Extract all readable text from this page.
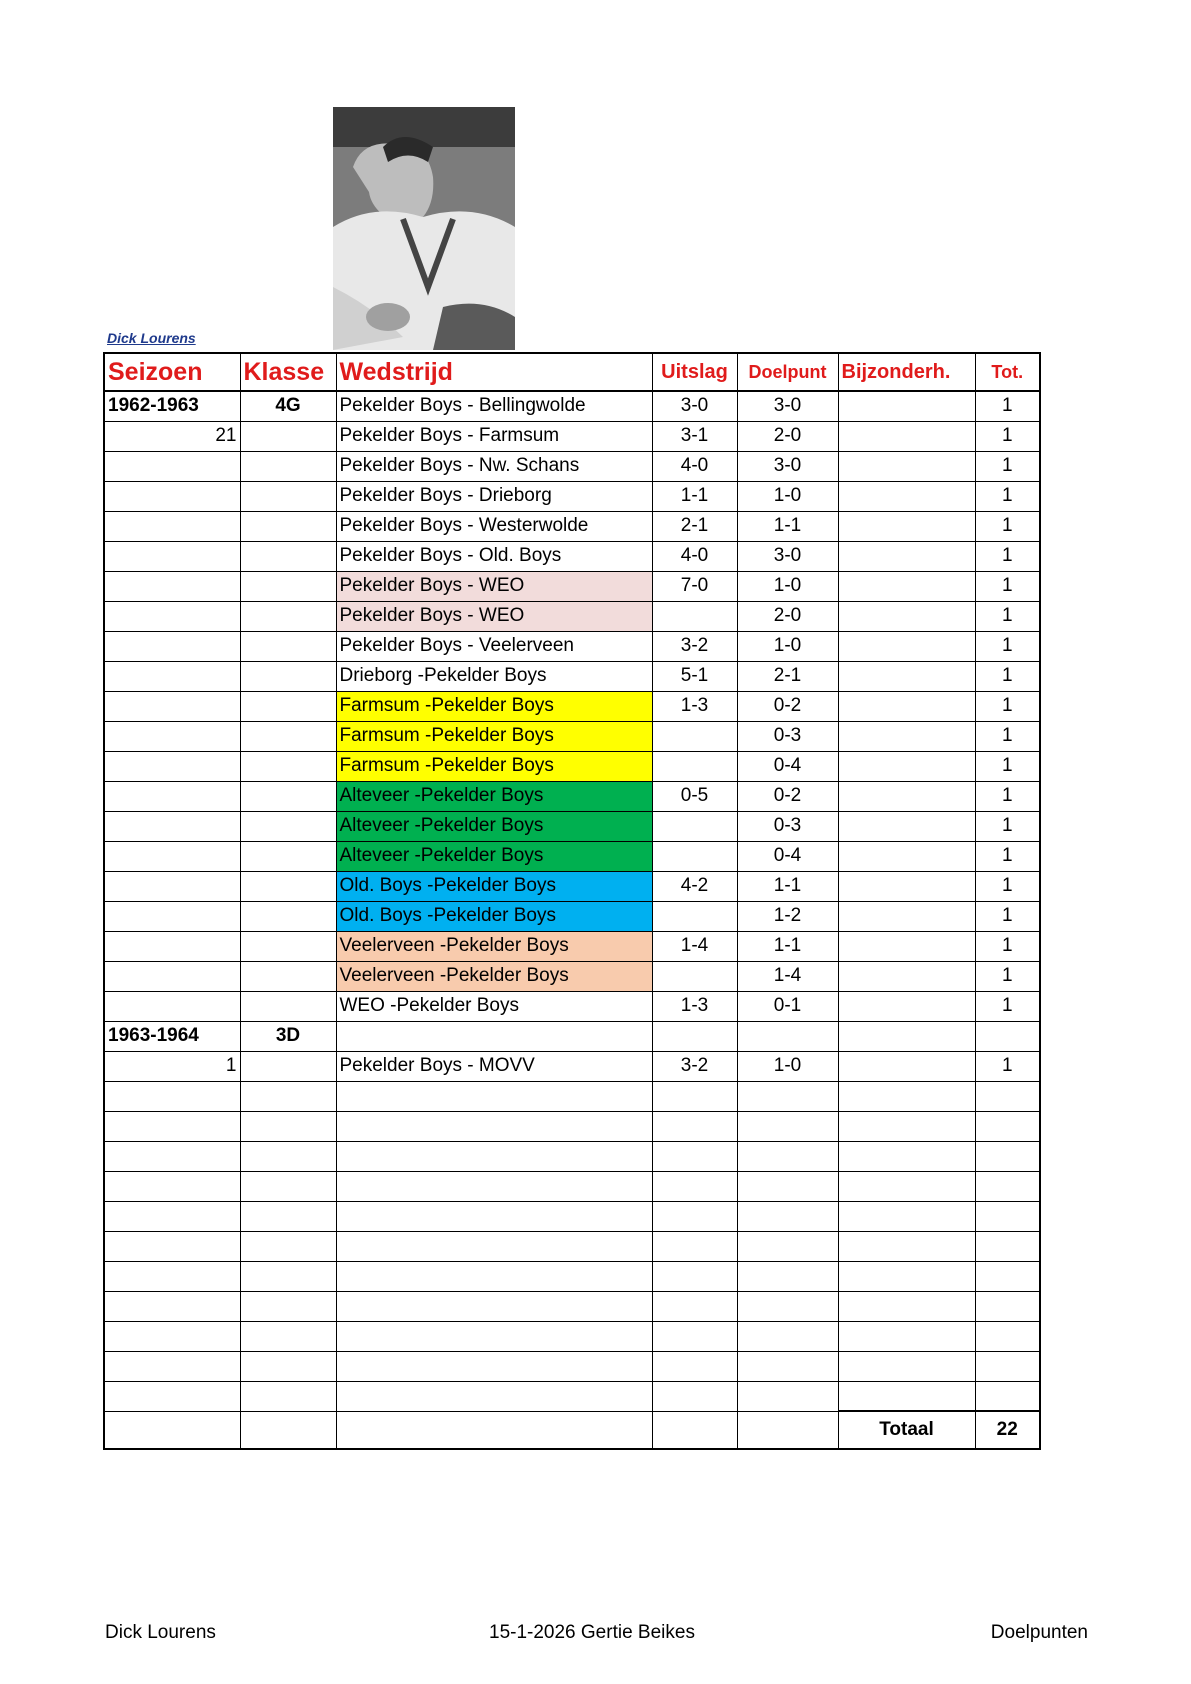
Dick Lourens
Seizoen	Klasse	Wedstrijd	Uitslag	Doelpunt	Bijzonderh.	Tot.
1962-1963	4G	Pekelder Boys - Bellingwolde	3-0	3-0		1
21		Pekelder Boys - Farmsum	3-1	2-0		1
		Pekelder Boys - Nw. Schans	4-0	3-0		1
		Pekelder Boys - Drieborg	1-1	1-0		1
		Pekelder Boys - Westerwolde	2-1	1-1		1
		Pekelder Boys - Old. Boys	4-0	3-0		1
		Pekelder Boys - WEO	7-0	1-0		1
		Pekelder Boys - WEO		2-0		1
		Pekelder Boys - Veelerveen	3-2	1-0		1
		Drieborg -Pekelder Boys	5-1	2-1		1
		Farmsum -Pekelder Boys	1-3	0-2		1
		Farmsum -Pekelder Boys		0-3		1
		Farmsum -Pekelder Boys		0-4		1
		Alteveer -Pekelder Boys	0-5	0-2		1
		Alteveer -Pekelder Boys		0-3		1
		Alteveer -Pekelder Boys		0-4		1
		Old. Boys -Pekelder Boys	4-2	1-1		1
		Old. Boys -Pekelder Boys		1-2		1
		Veelerveen -Pekelder Boys	1-4	1-1		1
		Veelerveen -Pekelder Boys		1-4		1
		WEO -Pekelder Boys	1-3	0-1		1
1963-1964	3D					
1		Pekelder Boys - MOVV	3-2	1-0		1

					Totaal	22
Dick Lourens	15-1-2026 Gertie Beikes	Doelpunten
